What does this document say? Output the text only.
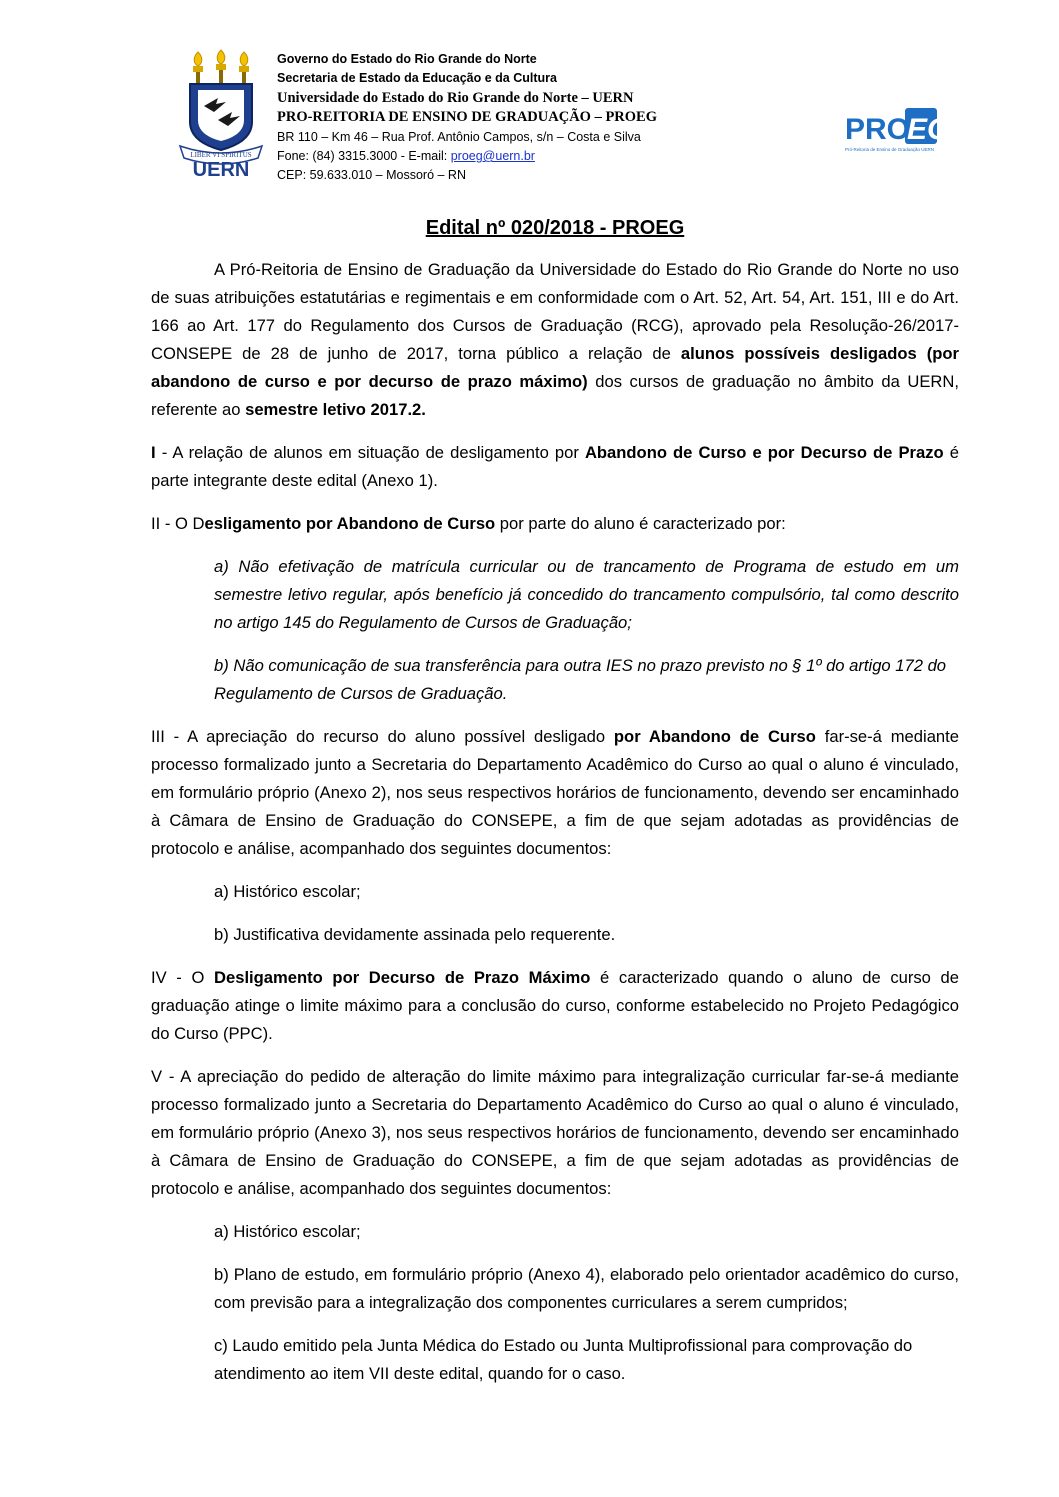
LIBER VI SPIRITUS
UERN
Governo do Estado do Rio Grande do Norte
Secretaria de Estado da Educação e da Cultura
Universidade do Estado do Rio Grande do Norte – UERN
PRO-REITORIA DE ENSINO DE GRADUAÇÃO – PROEG
BR 110 – Km 46 – Rua Prof. Antônio Campos, s/n – Costa e Silva
Fone: (84) 3315.3000 - E-mail: proeg@uern.br
CEP: 59.633.010 – Mossoró – RN
PRO
EG
Pró-Reitoria de Ensino de Graduação UERN
Edital nº 020/2018 - PROEG

A Pró-Reitoria de Ensino de Graduação da Universidade do Estado do Rio Grande do Norte no uso de suas atribuições estatutárias e regimentais e em conformidade com o Art. 52, Art. 54, Art. 151, III e do Art. 166 ao Art. 177 do Regulamento dos Cursos de Graduação (RCG), aprovado pela Resolução-26/2017-CONSEPE de 28 de junho de 2017, torna público a relação de alunos possíveis desligados (por abandono de curso e por decurso de prazo máximo) dos cursos de graduação no âmbito da UERN, referente ao semestre letivo 2017.2.

I - A relação de alunos em situação de desligamento por Abandono de Curso e por Decurso de Prazo é parte integrante deste edital (Anexo 1).

II - O Desligamento por Abandono de Curso por parte do aluno é caracterizado por:

a) Não efetivação de matrícula curricular ou de trancamento de Programa de estudo em um semestre letivo regular, após benefício já concedido do trancamento compulsório, tal como descrito no artigo 145 do Regulamento de Cursos de Graduação;

b) Não comunicação de sua transferência para outra IES no prazo previsto no § 1º do artigo 172 do Regulamento de Cursos de Graduação.

III - A apreciação do recurso do aluno possível desligado por Abandono de Curso far-se-á mediante processo formalizado junto a Secretaria do Departamento Acadêmico do Curso ao qual o aluno é vinculado, em formulário próprio (Anexo 2), nos seus respectivos horários de funcionamento, devendo ser encaminhado à Câmara de Ensino de Graduação do CONSEPE, a fim de que sejam adotadas as providências de protocolo e análise, acompanhado dos seguintes documentos:

a) Histórico escolar;

b) Justificativa devidamente assinada pelo requerente.

IV - O Desligamento por Decurso de Prazo Máximo é caracterizado quando o aluno de curso de graduação atinge o limite máximo para a conclusão do curso, conforme estabelecido no Projeto Pedagógico do Curso (PPC).

V - A apreciação do pedido de alteração do limite máximo para integralização curricular far-se-á mediante processo formalizado junto a Secretaria do Departamento Acadêmico do Curso ao qual o aluno é vinculado, em formulário próprio (Anexo 3), nos seus respectivos horários de funcionamento, devendo ser encaminhado à Câmara de Ensino de Graduação do CONSEPE, a fim de que sejam adotadas as providências de protocolo e análise, acompanhado dos seguintes documentos:

a) Histórico escolar;

b) Plano de estudo, em formulário próprio (Anexo 4), elaborado pelo orientador acadêmico do curso, com previsão para a integralização dos componentes curriculares a serem cumpridos;

c) Laudo emitido pela Junta Médica do Estado ou Junta Multiprofissional para comprovação do atendimento ao item VII deste edital, quando for o caso.
